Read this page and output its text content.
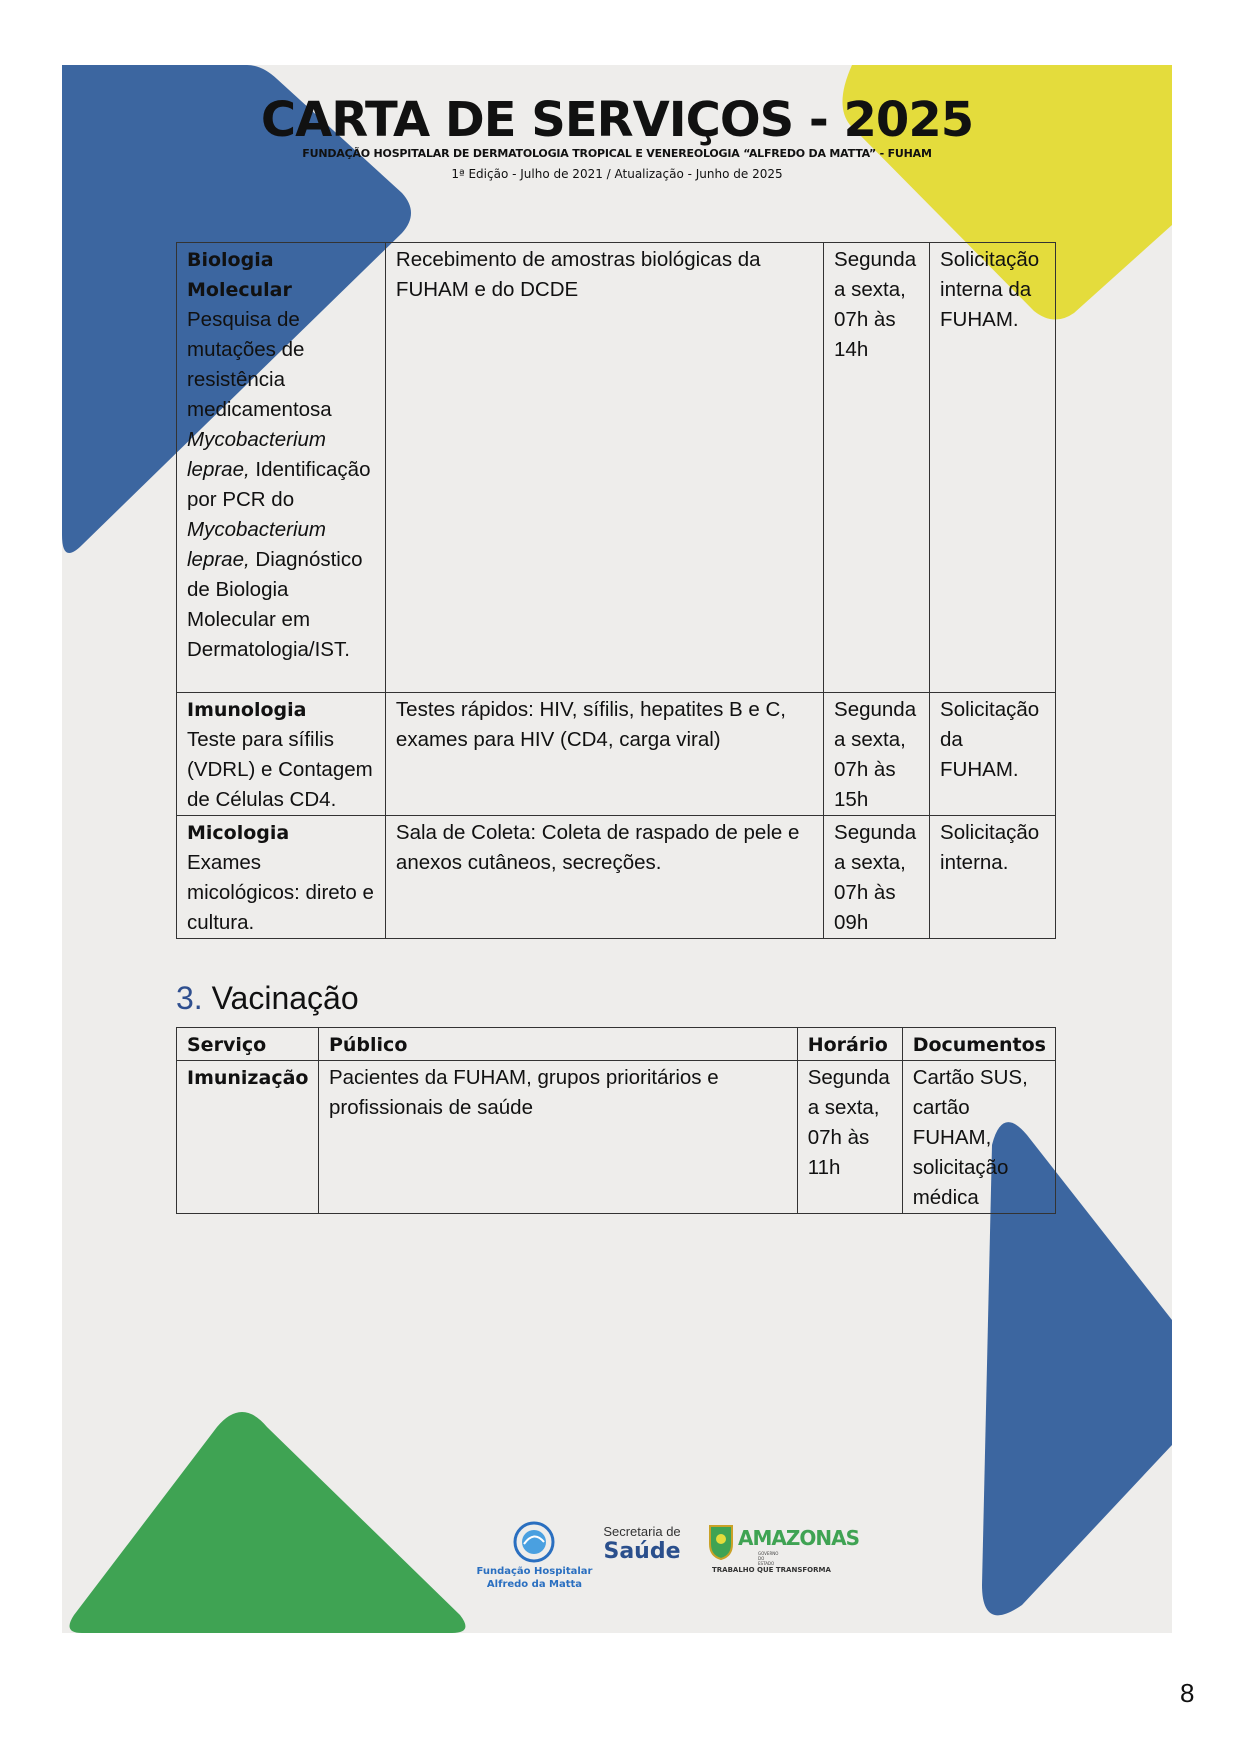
CARTA DE SERVIÇOS - 2025
FUNDAÇÃO HOSPITALAR DE DERMATOLOGIA TROPICAL E VENEREOLOGIA “ALFREDO DA MATTA” - FUHAM
1ª Edição - Julho de 2021 / Atualização - Junho de 2025
Fundação Hospitalar
Alfredo da Matta
Secretaria de
Saúde
AMAZONAS
GOVERNO DO ESTADO
TRABALHO QUE TRANSFORMA
Biologia Molecular
Pesquisa de mutações de resistência medicamentosa Mycobacterium leprae, Identificação por PCR do Mycobacterium leprae, Diagnóstico de Biologia Molecular em Dermatologia/IST.	Recebimento de amostras biológicas da FUHAM e do DCDE	Segunda a sexta, 07h às 14h	Solicitação interna da FUHAM.
Imunologia
Teste para sífilis (VDRL) e Contagem de Células CD4.	Testes rápidos: HIV, sífilis, hepatites B e C, exames para HIV (CD4, carga viral)	Segunda a sexta, 07h às 15h	Solicitação da FUHAM.
Micologia
Exames micológicos: direto e cultura.	Sala de Coleta: Coleta de raspado de pele e anexos cutâneos, secreções.	Segunda a sexta, 07h às 09h	Solicitação interna.
3. Vacinação
Serviço	Público	Horário	Documentos
Imunização	Pacientes da FUHAM, grupos prioritários e profissionais de saúde	Segunda a sexta, 07h às 11h	Cartão SUS, cartão FUHAM, solicitação médica
8
